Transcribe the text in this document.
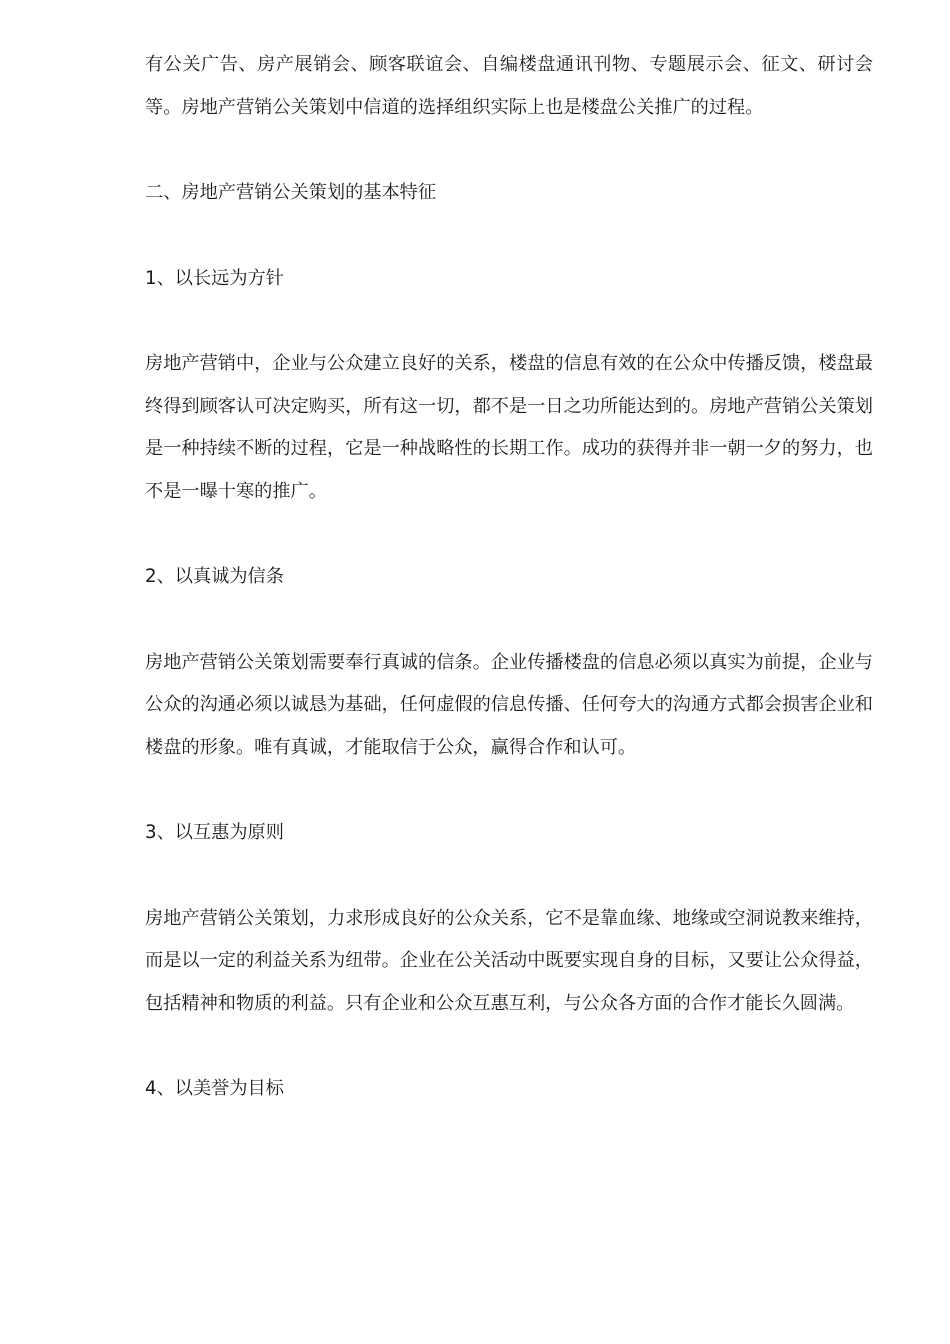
有公关广告、房产展销会、顾客联谊会、自编楼盘通讯刊物、专题展示会、征文、研讨会等。房地产营销公关策划中信道的选择组织实际上也是楼盘公关推广的过程。

二、房地产营销公关策划的基本特征

1、以长远为方针

房地产营销中，企业与公众建立良好的关系，楼盘的信息有效的在公众中传播反馈，楼盘最终得到顾客认可决定购买，所有这一切，都不是一日之功所能达到的。房地产营销公关策划是一种持续不断的过程，它是一种战略性的长期工作。成功的获得并非一朝一夕的努力，也不是一曝十寒的推广。

2、以真诚为信条

房地产营销公关策划需要奉行真诚的信条。企业传播楼盘的信息必须以真实为前提，企业与公众的沟通必须以诚恳为基础，任何虚假的信息传播、任何夸大的沟通方式都会损害企业和楼盘的形象。唯有真诚，才能取信于公众，赢得合作和认可。

3、以互惠为原则

房地产营销公关策划，力求形成良好的公众关系，它不是靠血缘、地缘或空洞说教来维持，而是以一定的利益关系为纽带。企业在公关活动中既要实现自身的目标，又要让公众得益，包括精神和物质的利益。只有企业和公众互惠互利，与公众各方面的合作才能长久圆满。

4、以美誉为目标
